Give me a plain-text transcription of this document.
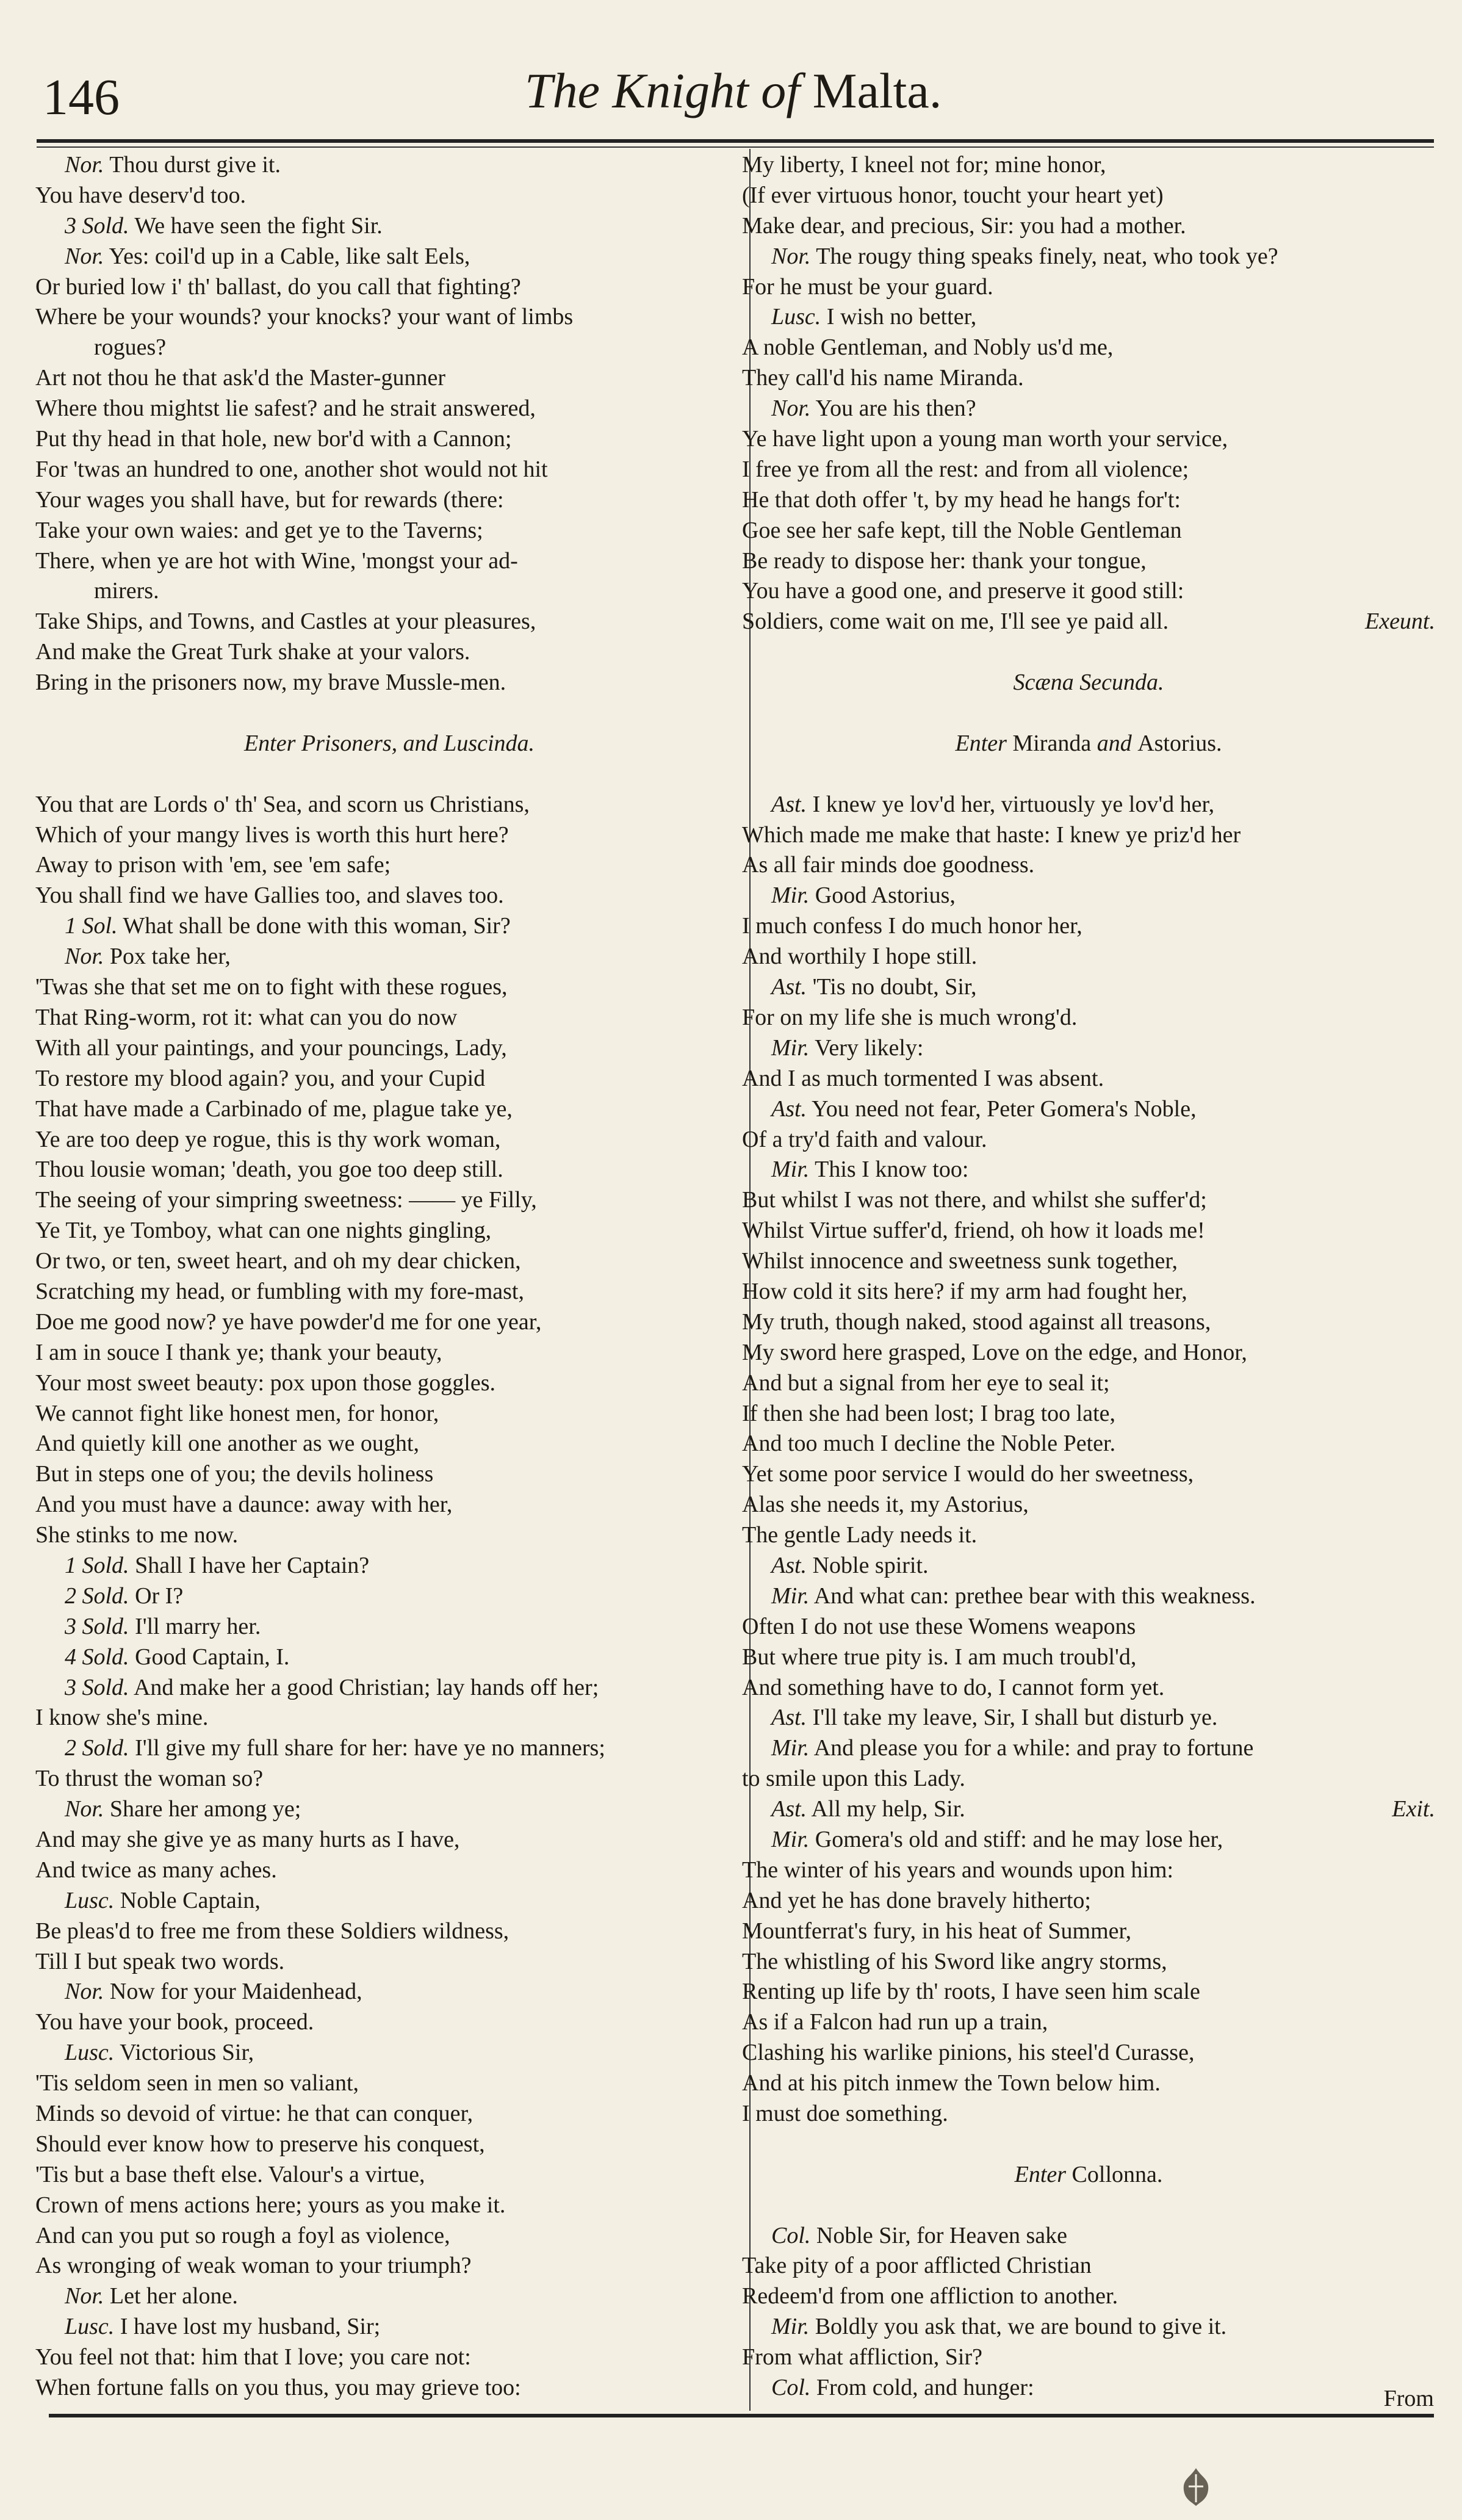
146	The Knight of Malta.
Nor. Thou durst give it.
You have deserv'd too.
3 Sold. We have seen the fight Sir.
Nor. Yes: coil'd up in a Cable, like salt Eels,
Or buried low i' th' ballast, do you call that fighting?
Where be your wounds? your knocks? your want of limbs
rogues?
Art not thou he that ask'd the Master-gunner
Where thou mightst lie safest? and he strait answered,
Put thy head in that hole, new bor'd with a Cannon;
For 'twas an hundred to one, another shot would not hit
Your wages you shall have, but for rewards (there:
Take your own waies: and get ye to the Taverns;
There, when ye are hot with Wine, 'mongst your ad-
mirers.
Take Ships, and Towns, and Castles at your pleasures,
And make the Great Turk shake at your valors.
Bring in the prisoners now, my brave Mussle-men.
Enter Prisoners, and Luscinda.
You that are Lords o' th' Sea, and scorn us Christians,
Which of your mangy lives is worth this hurt here?
Away to prison with 'em, see 'em safe;
You shall find we have Gallies too, and slaves too.
1 Sol. What shall be done with this woman, Sir?
Nor. Pox take her,
'Twas she that set me on to fight with these rogues,
That Ring-worm, rot it: what can you do now
With all your paintings, and your pouncings, Lady,
To restore my blood again? you, and your Cupid
That have made a Carbinado of me, plague take ye,
Ye are too deep ye rogue, this is thy work woman,
Thou lousie woman; 'death, you goe too deep still.
The seeing of your simpring sweetness: —— ye Filly,
Ye Tit, ye Tomboy, what can one nights gingling,
Or two, or ten, sweet heart, and oh my dear chicken,
Scratching my head, or fumbling with my fore-mast,
Doe me good now? ye have powder'd me for one year,
I am in souce I thank ye; thank your beauty,
Your most sweet beauty: pox upon those goggles.
We cannot fight like honest men, for honor,
And quietly kill one another as we ought,
But in steps one of you; the devils holiness
And you must have a daunce: away with her,
She stinks to me now.
1 Sold. Shall I have her Captain?
2 Sold. Or I?
3 Sold. I'll marry her.
4 Sold. Good Captain, I.
3 Sold. And make her a good Christian; lay hands off her;
I know she's mine.
2 Sold. I'll give my full share for her: have ye no manners;
To thrust the woman so?
Nor. Share her among ye;
And may she give ye as many hurts as I have,
And twice as many aches.
Lusc. Noble Captain,
Be pleas'd to free me from these Soldiers wildness,
Till I but speak two words.
Nor. Now for your Maidenhead,
You have your book, proceed.
Lusc. Victorious Sir,
'Tis seldom seen in men so valiant,
Minds so devoid of virtue: he that can conquer,
Should ever know how to preserve his conquest,
'Tis but a base theft else. Valour's a virtue,
Crown of mens actions here; yours as you make it.
And can you put so rough a foyl as violence,
As wronging of weak woman to your triumph?
Nor. Let her alone.
Lusc. I have lost my husband, Sir;
You feel not that: him that I love; you care not:
When fortune falls on you thus, you may grieve too:
My liberty, I kneel not for; mine honor,
(If ever virtuous honor, toucht your heart yet)
Make dear, and precious, Sir: you had a mother.
Nor. The rougy thing speaks finely, neat, who took ye?
For he must be your guard.
Lusc. I wish no better,
A noble Gentleman, and Nobly us'd me,
They call'd his name Miranda.
Nor. You are his then?
Ye have light upon a young man worth your service,
I free ye from all the rest: and from all violence;
He that doth offer 't, by my head he hangs for't:
Goe see her safe kept, till the Noble Gentleman
Be ready to dispose her: thank your tongue,
You have a good one, and preserve it good still:
Soldiers, come wait on me, I'll see ye paid all.	Exeunt.
Scæna Secunda.
Enter Miranda and Astorius.
Ast. I knew ye lov'd her, virtuously ye lov'd her,
Which made me make that haste: I knew ye priz'd her
As all fair minds doe goodness.
Mir. Good Astorius,
I much confess I do much honor her,
And worthily I hope still.
Ast. 'Tis no doubt, Sir,
For on my life she is much wrong'd.
Mir. Very likely:
And I as much tormented I was absent.
Ast. You need not fear, Peter Gomera's Noble,
Of a try'd faith and valour.
Mir. This I know too:
But whilst I was not there, and whilst she suffer'd;
Whilst Virtue suffer'd, friend, oh how it loads me!
Whilst innocence and sweetness sunk together,
How cold it sits here? if my arm had fought her,
My truth, though naked, stood against all treasons,
My sword here grasped, Love on the edge, and Honor,
And but a signal from her eye to seal it;
If then she had been lost; I brag too late,
And too much I decline the Noble Peter.
Yet some poor service I would do her sweetness,
Alas she needs it, my Astorius,
The gentle Lady needs it.
Ast. Noble spirit.
Mir. And what can: prethee bear with this weakness.
Often I do not use these Womens weapons
But where true pity is. I am much troubl'd,
And something have to do, I cannot form yet.
Ast. I'll take my leave, Sir, I shall but disturb ye.
Mir. And please you for a while: and pray to fortune
to smile upon this Lady.
Ast. All my help, Sir.	Exit.
Mir. Gomera's old and stiff: and he may lose her,
The winter of his years and wounds upon him:
And yet he has done bravely hitherto;
Mountferrat's fury, in his heat of Summer,
The whistling of his Sword like angry storms,
Renting up life by th' roots, I have seen him scale
As if a Falcon had run up a train,
Clashing his warlike pinions, his steel'd Curasse,
And at his pitch inmew the Town below him.
I must doe something.
Enter Collonna.
Col. Noble Sir, for Heaven sake
Take pity of a poor afflicted Christian
Redeem'd from one affliction to another.
Mir. Boldly you ask that, we are bound to give it.
From what affliction, Sir?
Col. From cold, and hunger:	From
